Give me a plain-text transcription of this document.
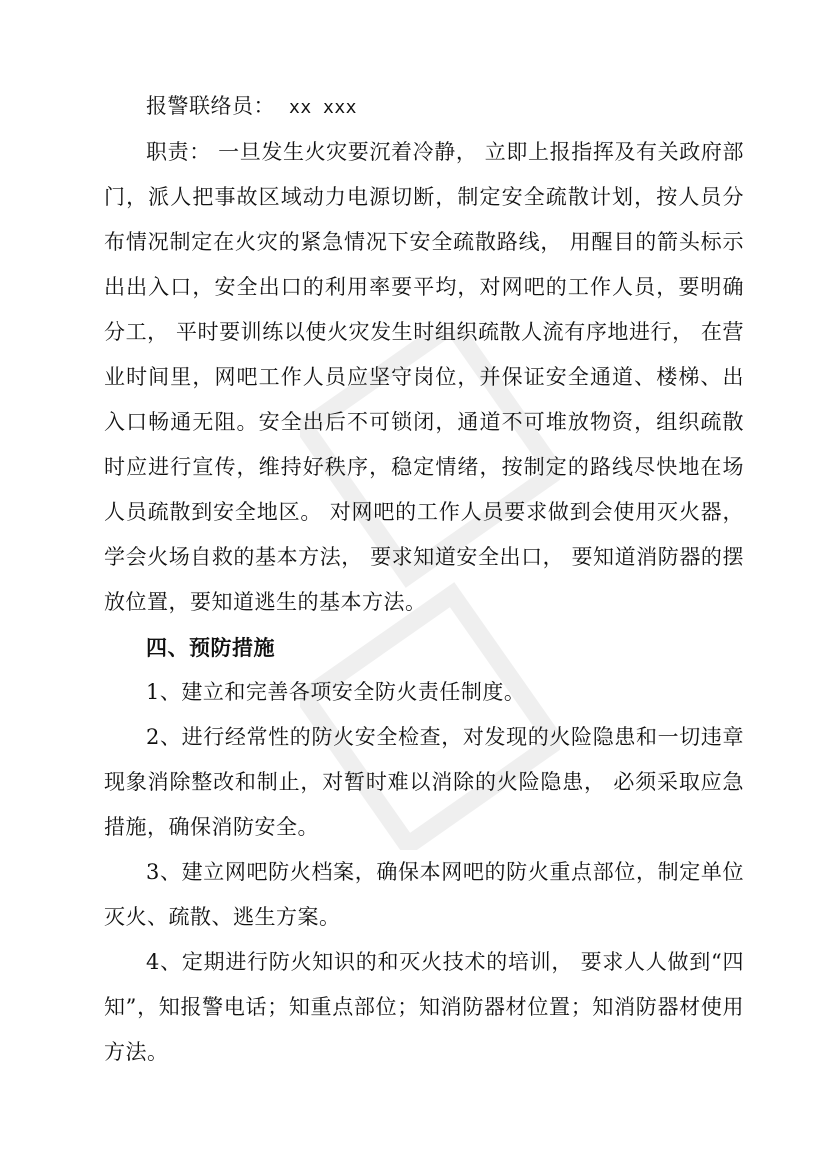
报警联络员： xx xxx

职责： 一旦发生火灾要沉着冷静， 立即上报指挥及有关政府部门，派人把事故区域动力电源切断，制定安全疏散计划，按人员分布情况制定在火灾的紧急情况下安全疏散路线， 用醒目的箭头标示出出入口，安全出口的利用率要平均，对网吧的工作人员，要明确分工， 平时要训练以使火灾发生时组织疏散人流有序地进行， 在营业时间里，网吧工作人员应坚守岗位，并保证安全通道、楼梯、出入口畅通无阻。安全出后不可锁闭，通道不可堆放物资，组织疏散时应进行宣传，维持好秩序，稳定情绪，按制定的路线尽快地在场人员疏散到安全地区。 对网吧的工作人员要求做到会使用灭火器，学会火场自救的基本方法， 要求知道安全出口， 要知道消防器的摆放位置，要知道逃生的基本方法。

四、预防措施

1、建立和完善各项安全防火责任制度。

2、进行经常性的防火安全检查，对发现的火险隐患和一切违章现象消除整改和制止，对暂时难以消除的火险隐患， 必须采取应急措施，确保消防安全。

3、建立网吧防火档案，确保本网吧的防火重点部位，制定单位灭火、疏散、逃生方案。

4、定期进行防火知识的和灭火技术的培训， 要求人人做到“四知”，知报警电话；知重点部位；知消防器材位置；知消防器材使用方法。
